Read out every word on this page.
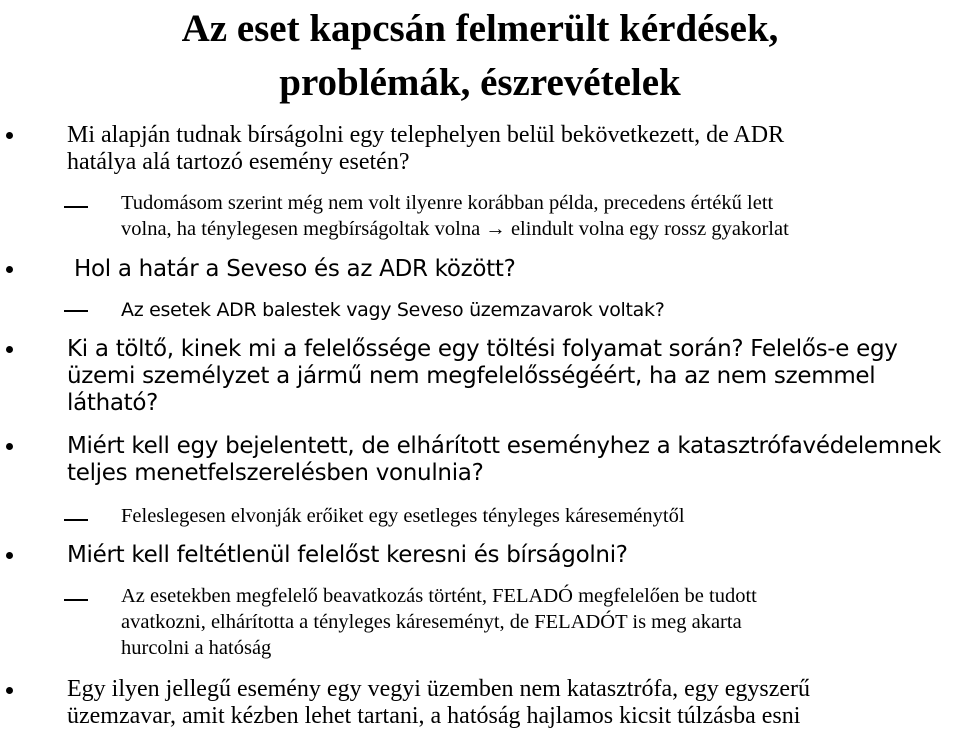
Az eset kapcsán felmerült kérdések,
problémák, észrevételek
Mi alapján tudnak bírságolni egy telephelyen belül bekövetkezett, de ADR
hatálya alá tartozó esemény esetén?
Tudomásom szerint még nem volt ilyenre korábban példa, precedens értékű lett
volna, ha ténylegesen megbírságoltak volna → elindult volna egy rossz gyakorlat
Hol a határ a Seveso és az ADR között?
Az esetek ADR balestek vagy Seveso üzemzavarok voltak?
Ki a töltő, kinek mi a felelőssége egy töltési folyamat során? Felelős-e egy
üzemi személyzet a jármű nem megfelelősségéért, ha az nem szemmel
látható?
Miért kell egy bejelentett, de elhárított eseményhez a katasztrófavédelemnek
teljes menetfelszerelésben vonulnia?
Feleslegesen elvonják erőiket egy esetleges tényleges káreseménytől
Miért kell feltétlenül felelőst keresni és bírságolni?
Az esetekben megfelelő beavatkozás történt, FELADÓ megfelelően be tudott
avatkozni, elhárította a tényleges káreseményt, de FELADÓT is meg akarta
hurcolni a hatóság
Egy ilyen jellegű esemény egy vegyi üzemben nem katasztrófa, egy egyszerű
üzemzavar, amit kézben lehet tartani, a hatóság hajlamos kicsit túlzásba esni
